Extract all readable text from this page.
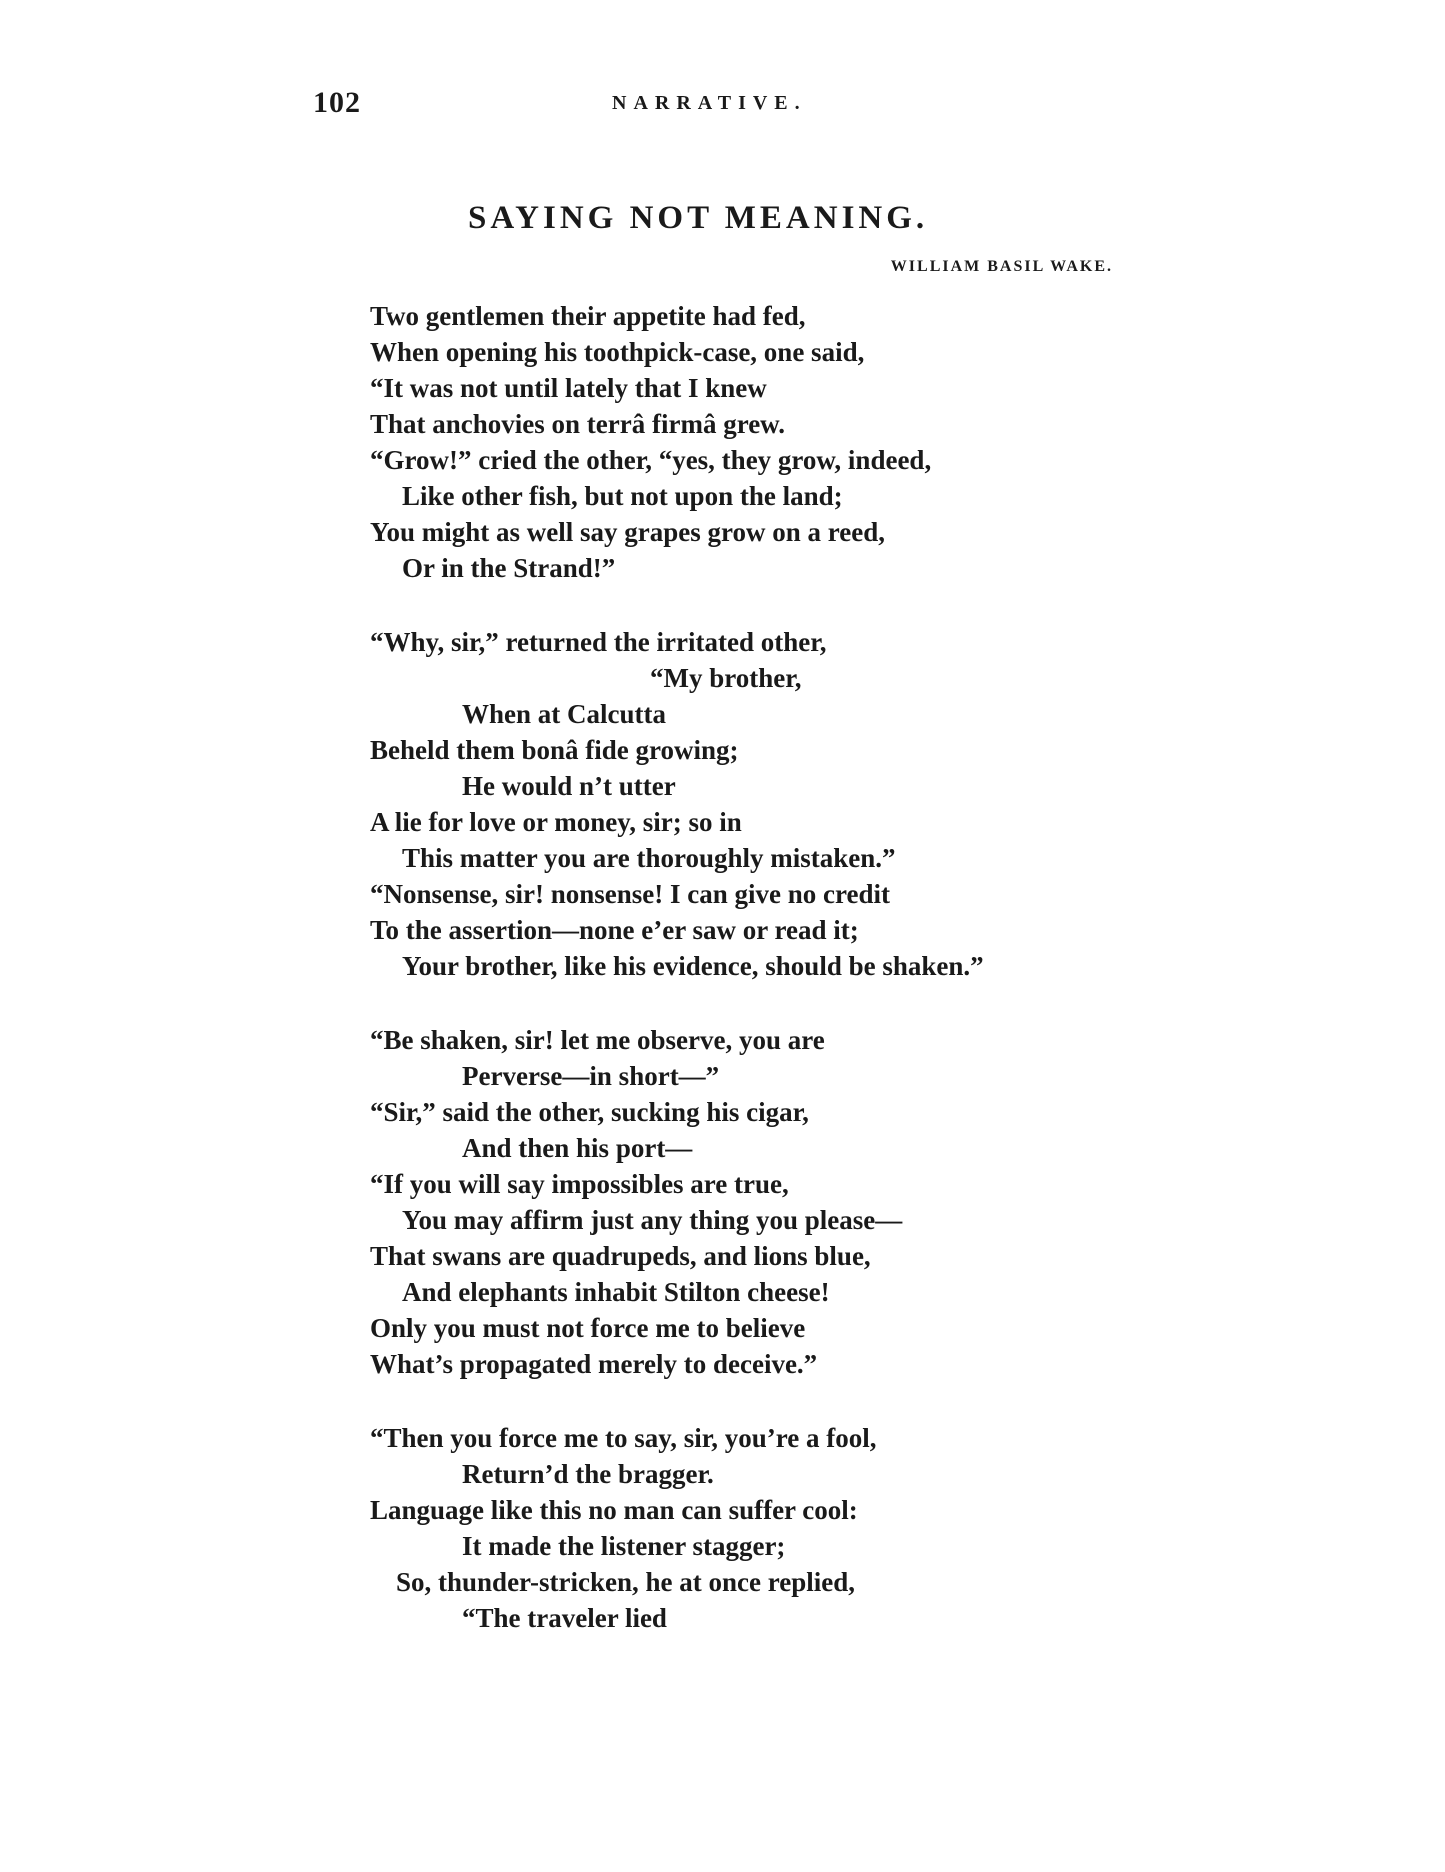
102	NARRATIVE.
SAYING NOT MEANING.
WILLIAM BASIL WAKE.
Two gentlemen their appetite had fed,
When opening his toothpick-case, one said,
“It was not until lately that I knew
That anchovies on terrâ firmâ grew.
“Grow!” cried the other, “yes, they grow, indeed,
Like other fish, but not upon the land;
You might as well say grapes grow on a reed,
Or in the Strand!”
“Why, sir,” returned the irritated other,
“My brother,
When at Calcutta
Beheld them bonâ fide growing;
He would n’t utter
A lie for love or money, sir; so in
This matter you are thoroughly mistaken.”
“Nonsense, sir! nonsense! I can give no credit
To the assertion—none e’er saw or read it;
Your brother, like his evidence, should be shaken.”
“Be shaken, sir! let me observe, you are
Perverse—in short—”
“Sir,” said the other, sucking his cigar,
And then his port—
“If you will say impossibles are true,
You may affirm just any thing you please—
That swans are quadrupeds, and lions blue,
And elephants inhabit Stilton cheese!
Only you must not force me to believe
What’s propagated merely to deceive.”
“Then you force me to say, sir, you’re a fool,
Return’d the bragger.
Language like this no man can suffer cool:
It made the listener stagger;
So, thunder-stricken, he at once replied,
“The traveler lied
